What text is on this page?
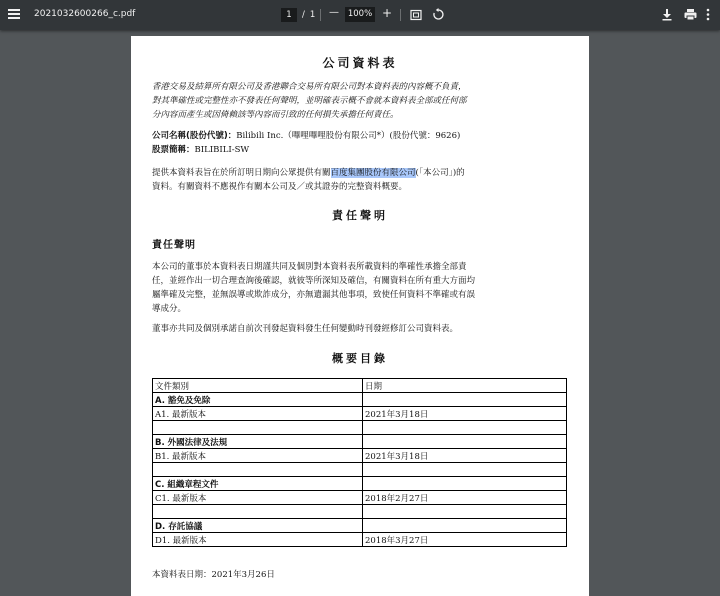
2021032600266_c.pdf	1	/ 1 —	100% +
公司資料表
香港交易及結算所有限公司及香港聯合交易所有限公司對本資料表的內容概不負責，
對其準確性或完整性亦不發表任何聲明，並明確表示概不會就本資料表全部或任何部
分內容而產生或因倚賴該等內容而引致的任何損失承擔任何責任。
公司名稱(股份代號)：Bilibili Inc.（嗶哩嗶哩股份有限公司*）(股份代號：9626)
股票簡稱：BILIBILI-SW
提供本資料表旨在於所訂明日期向公眾提供有關百度集團股份有限公司(「本公司」)的
資料。有關資料不應視作有關本公司及／或其證券的完整資料概要。
責任聲明
責任聲明
本公司的董事於本資料表日期謹共同及個別對本資料表所載資料的準確性承擔全部責
任，並經作出一切合理查詢後確認，就彼等所深知及確信，有關資料在所有重大方面均
屬準確及完整，並無誤導或欺詐成分，亦無遺漏其他事項，致使任何資料不準確或有誤
導成分。
董事亦共同及個別承諾自前次刊發起資料發生任何變動時刊發經修訂公司資料表。
概要目錄
文件類別	日期
A. 豁免及免除	
A1. 最新版本	2021年3月18日

B. 外國法律及法規	
B1. 最新版本	2021年3月18日

C. 組織章程文件	
C1. 最新版本	2018年2月27日

D. 存託協議	
D1. 最新版本	2018年3月27日
本資料表日期：2021年3月26日
